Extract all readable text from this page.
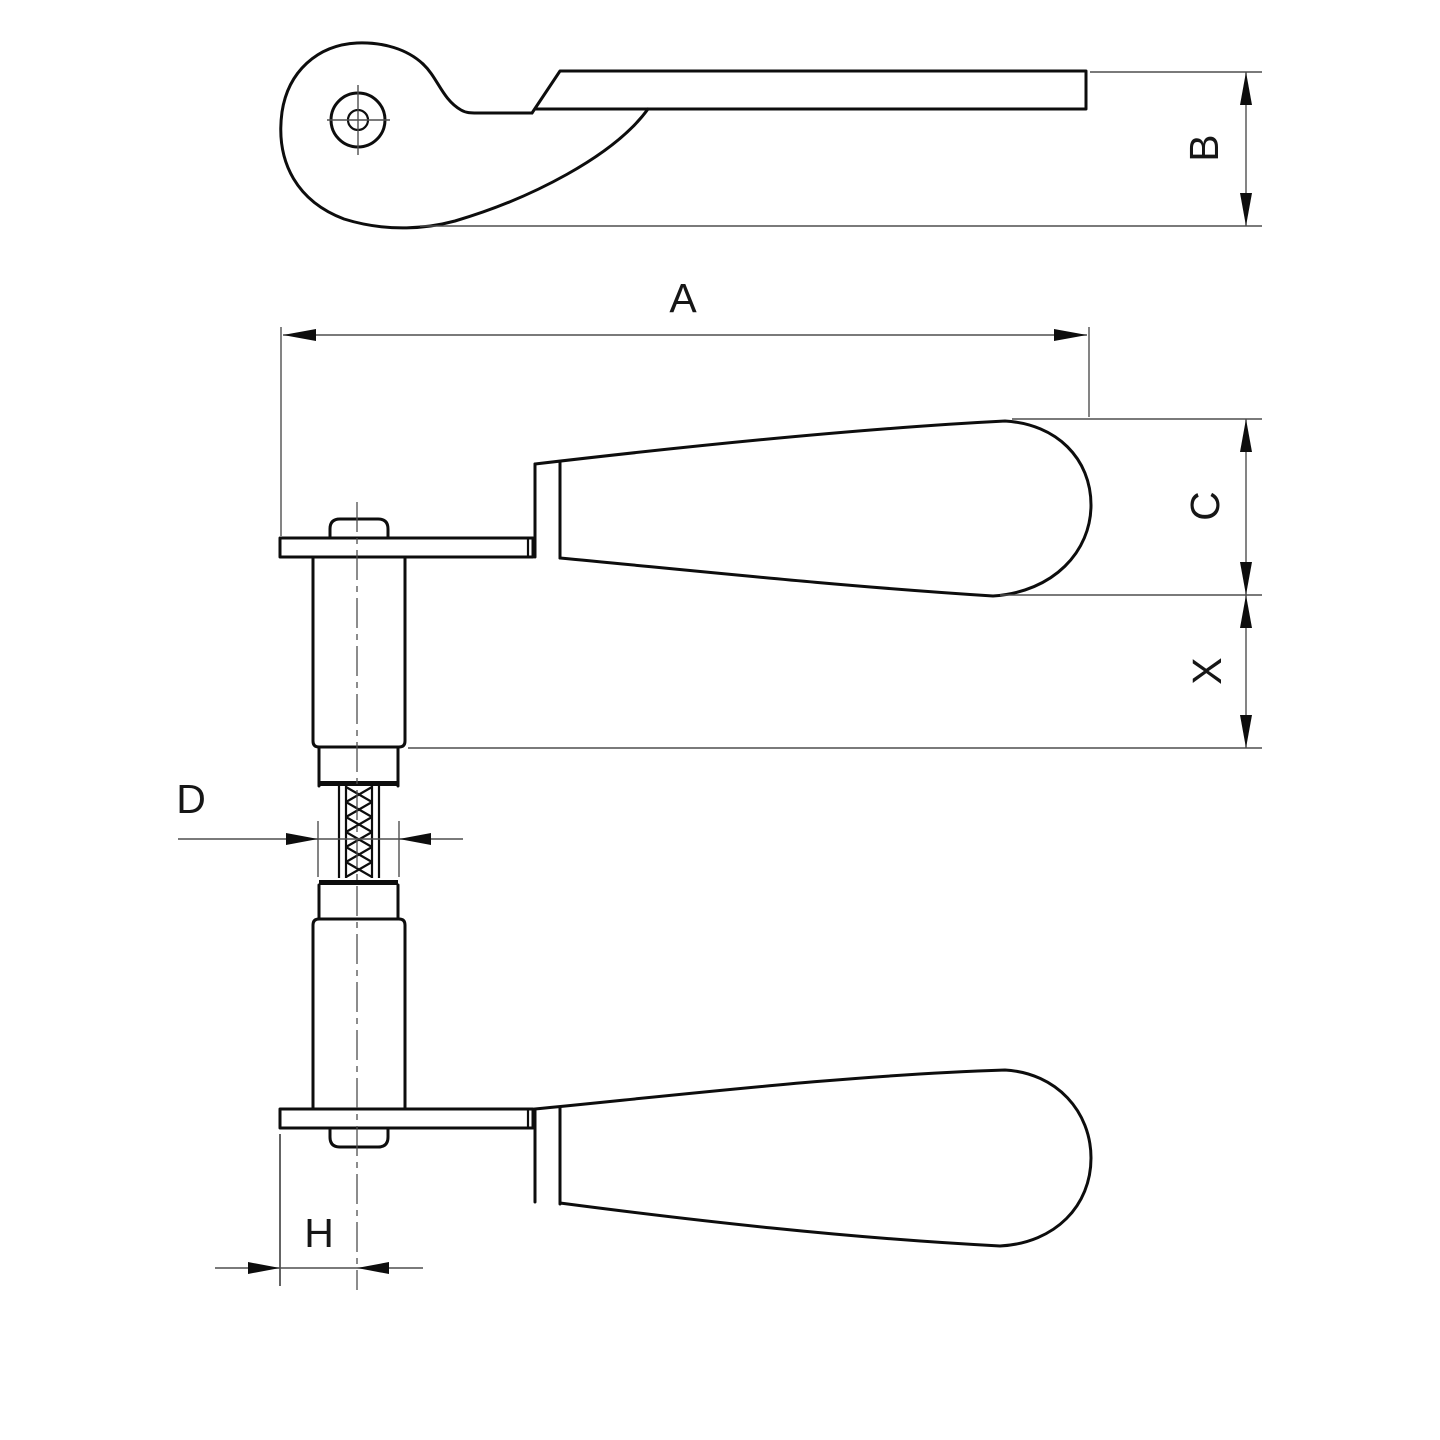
B
A
D
C
X
H
